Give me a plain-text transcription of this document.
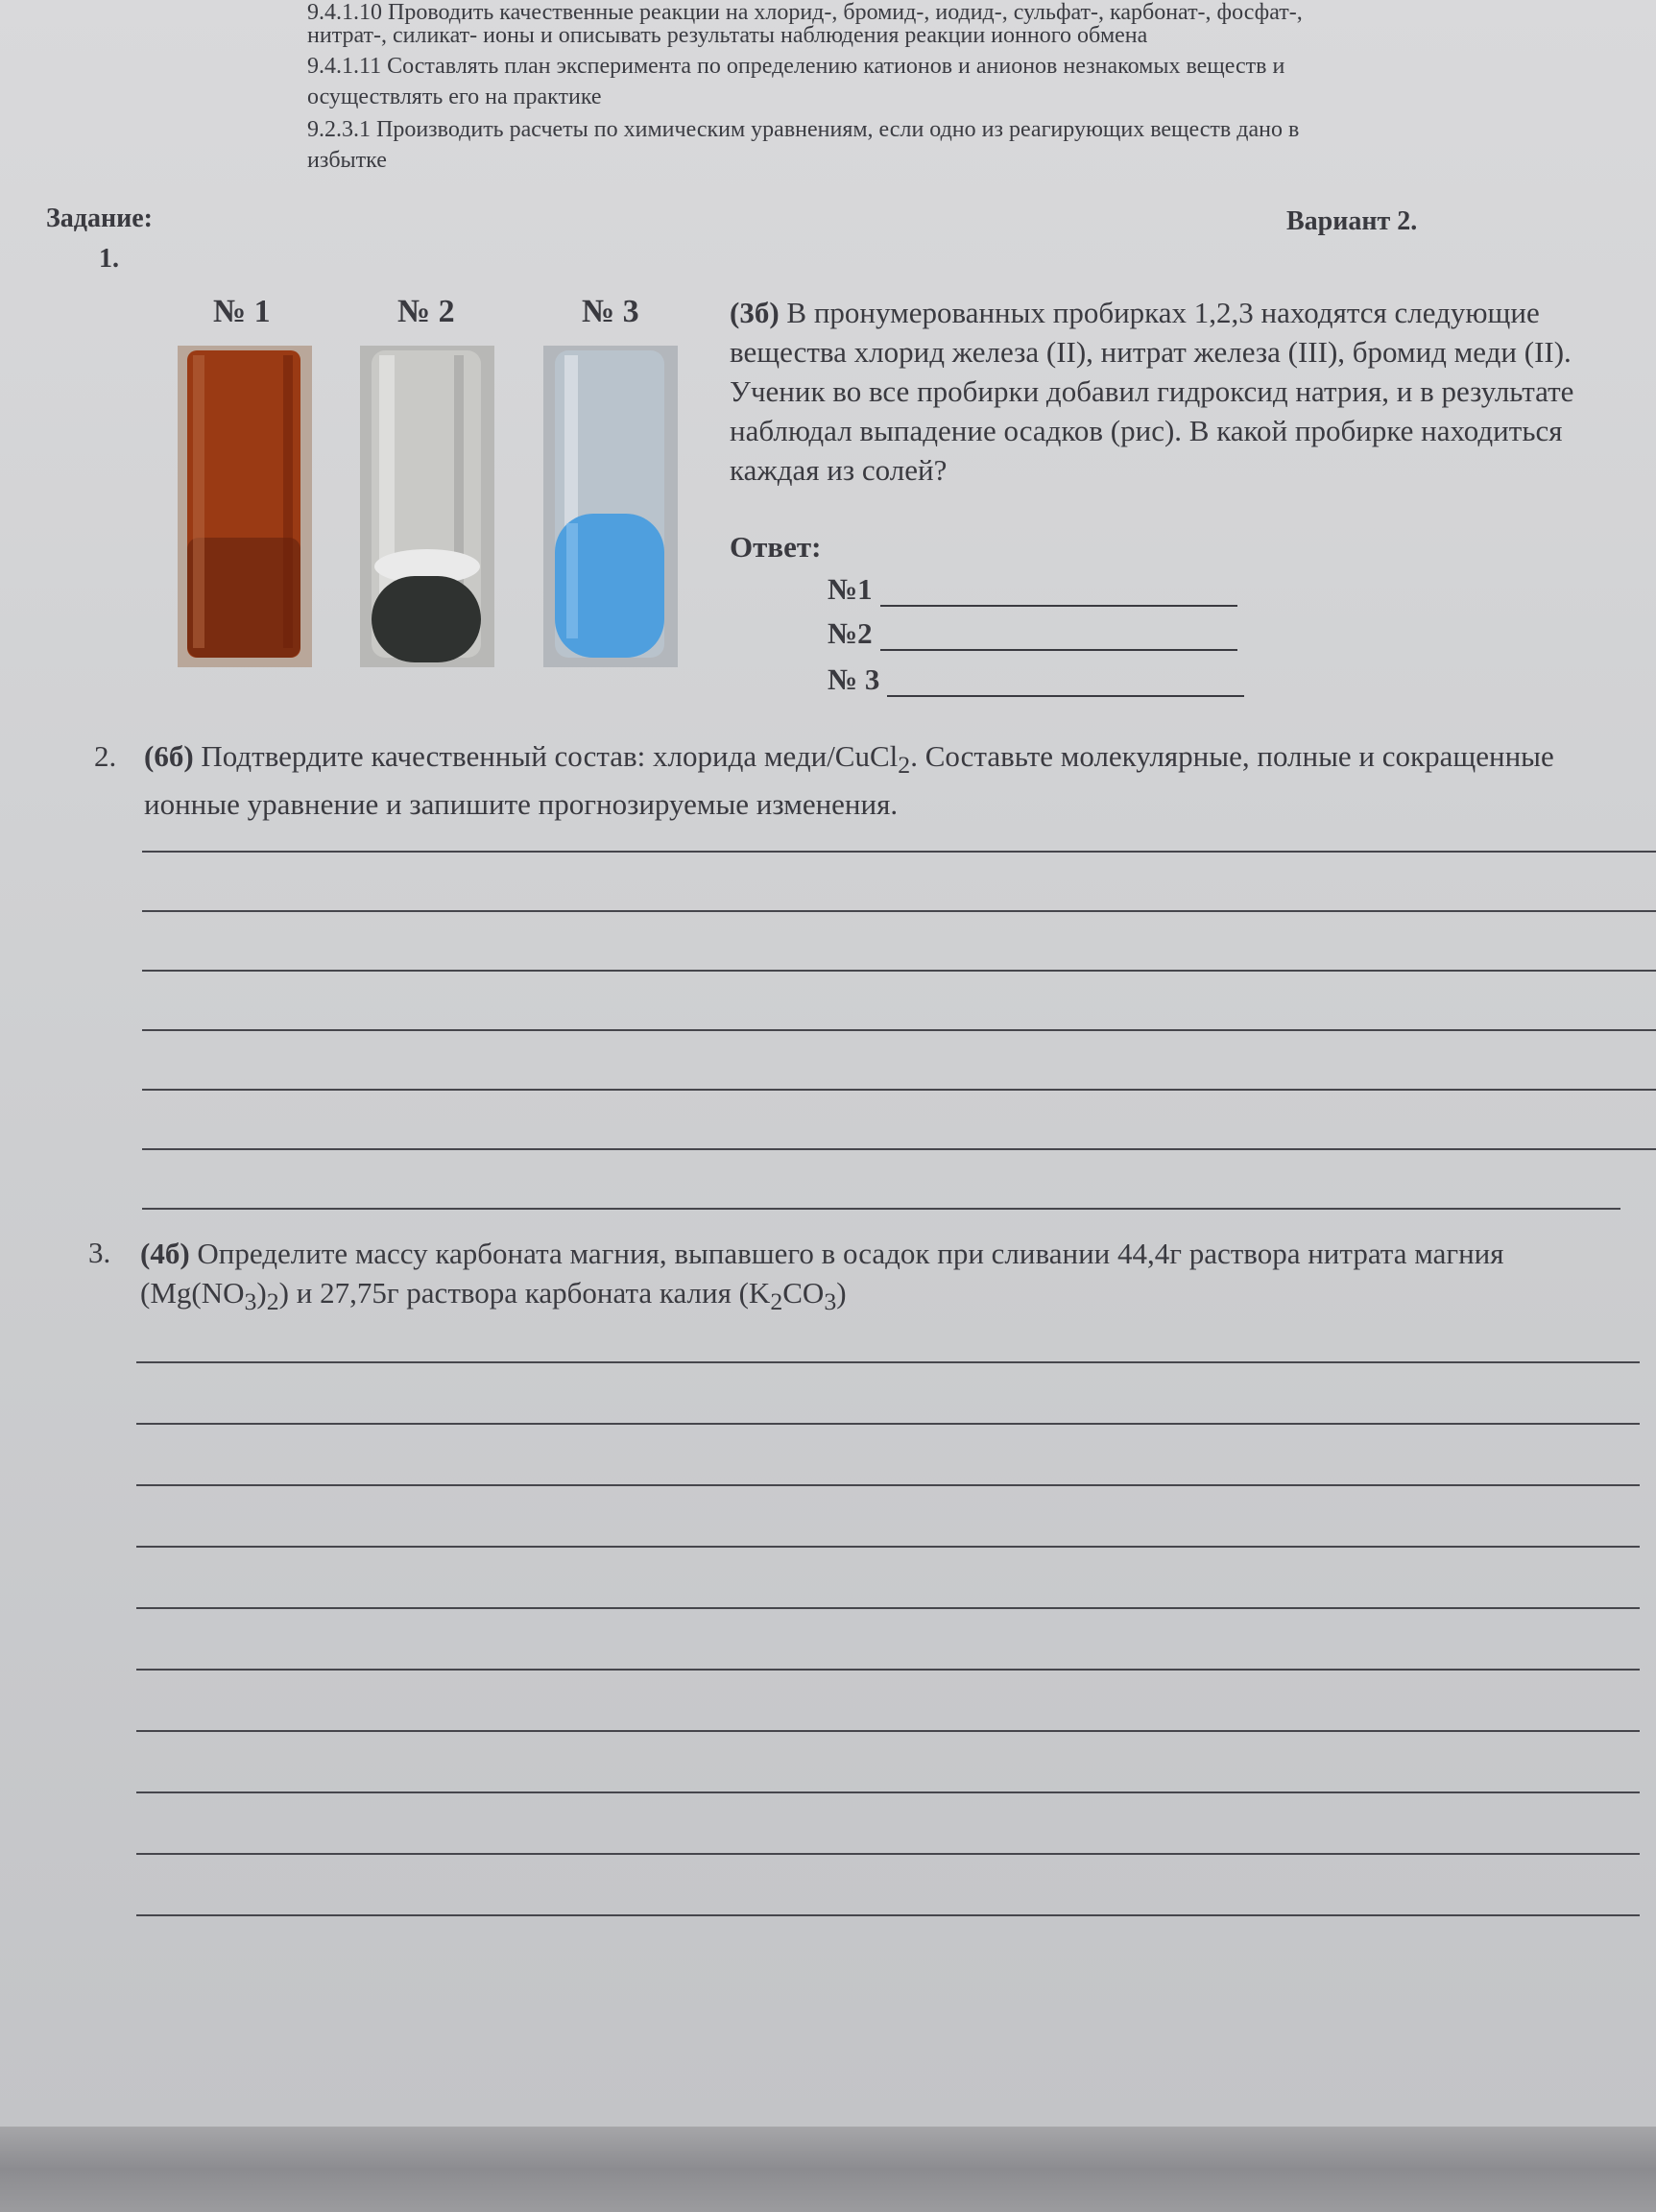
9.4.1.10 Проводить качественные реакции на хлорид-, бромид-, иодид-, сульфат-, карбонат-, фосфат-,
нитрат-, силикат- ионы и описывать результаты наблюдения реакции ионного обмена
9.4.1.11 Составлять план эксперимента по определению катионов и анионов незнакомых веществ и
осуществлять его на практике
9.2.3.1 Производить расчеты по химическим уравнениям, если одно из реагирующих веществ дано в
избытке
Задание:	Вариант 2.
1.
№ 1	№ 2	№ 3	(3б) В пронумерованных пробирках 1,2,3 находятся следующие вещества хлорид железа (II), нитрат железа (III), бромид меди (II). Ученик во все пробирки добавил гидроксид натрия, и в результате наблюдал выпадение осадков (рис). В какой пробирке находиться каждая из солей?
Ответ:
№1
№2
№ 3
2. (6б) Подтвердите качественный состав: хлорида меди/CuCl$_2$. Составьте молекулярные, полные и сокращенные ионные уравнение и запишите прогнозируемые изменения.
3. (4б) Определите массу карбоната магния, выпавшего в осадок при сливании 44,4г раствора нитрата магния $(Mg(NO_3)_2)$ и 27,75г раствора карбоната калия $(K_2CO_3)$
